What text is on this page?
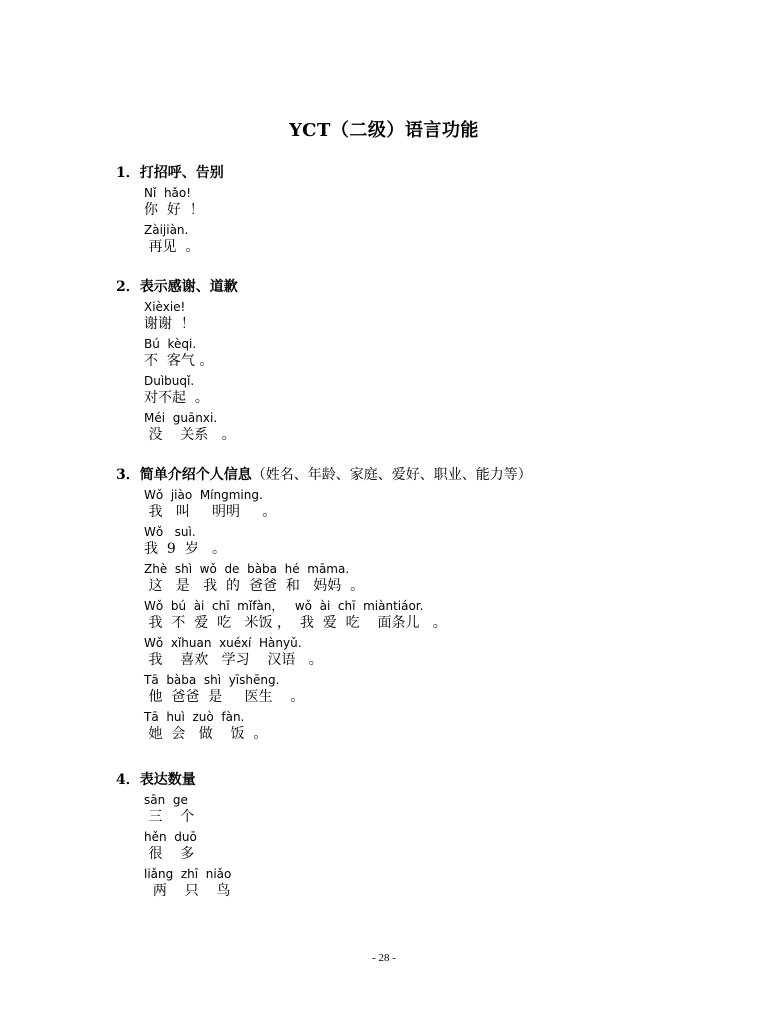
YCT（二级）语言功能
1．打招呼、告别
Nǐ  hǎo!
你  好  ！
Zàijiàn.
再见  。
2．表示感谢、道歉
Xièxie!
谢谢  ！
Bú  kèqi.
不  客气 。
Duìbuqǐ.
对不起  。
Méi  guānxi.
没    关系   。
3．简单介绍个人信息（姓名、年龄、家庭、爱好、职业、能力等）
Wǒ  jiào  Míngming.
我   叫     明明     。
Wǒ   suì.
我  9  岁   。
Zhè  shì  wǒ  de  bàba  hé  māma.
这   是   我  的  爸爸  和   妈妈  。
Wǒ  bú  ài  chī  mǐfàn，   wǒ  ài  chī  miàntiáor.
我  不  爱  吃   米饭 ，  我  爱  吃    面条儿   。
Wǒ  xǐhuan  xuéxí  Hànyǔ.
我    喜欢   学习    汉语   。
Tā  bàba  shì  yīshēng.
他  爸爸  是     医生    。
Tā  huì  zuò  fàn.
她  会   做    饭  。
4．表达数量
sān  ge
三    个
hěn  duō
很    多
liǎng  zhī  niǎo
两    只    鸟
- 28 -
